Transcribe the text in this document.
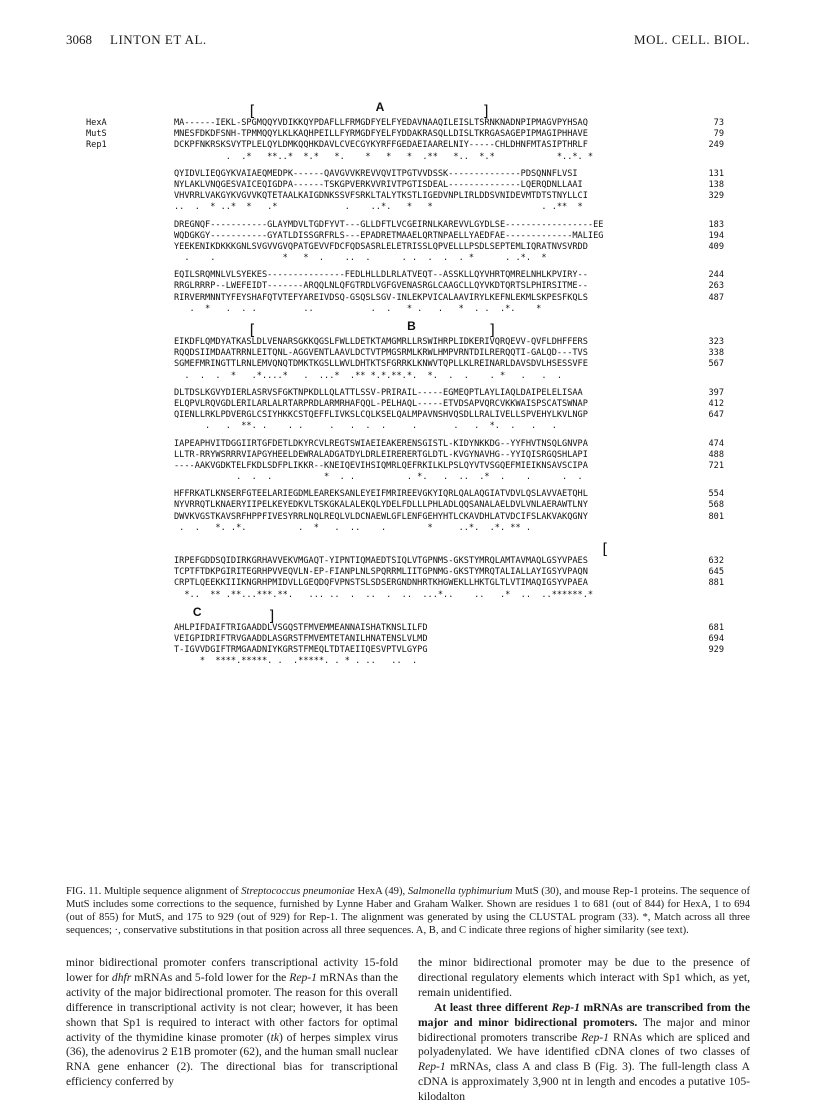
3068 LINTON ET AL.	MOL. CELL. BIOL.
[	A	]
HexA	MA------IEKL-SPGMQQYVDIKKQYPDAFLLFRMGDFYELFYEDAVNAAQILEISLTSRNKNADNPIPMAGVPYHSAQ	73
MutS	MNESFDKDFSNH-TPMMQQYLKLKAQHPEILLFYRMGDFYELFYDDAKRASQLLDISLTKRGASAGEPIPMAGIPHHAVE	79
Rep1	DCKPFNKRSKSVYTPLELQYLDMKQQHKDAVLCVECGYKYRFFGEDAEIAARELNIY-----CHLDHNFMTASIPTHRLF	249
.  .*   **..*  *.*   *.    *   *   *  .**   *..  *.*            *..*. *
QYIDVLIEQGYKVAIAEQMEDPK------QAVGVVKREVVQVITPGTVVDSSK--------------PDSQNNFLVSI	131
NYLAKLVNQGESVAICEQIGDPA------TSKGPVERKVVRIVTPGTISDEAL--------------LQERQDNLLAAI	138
VHVRRLVAKGYKVGVVKQTETAALKAIGDNKSSVFSRKLTALYTKSTLIGEDVNPLIRLDDSVNIDEVMTDTSTNYLLCI	329
..  .  * ..*  *   .*             .    ..*.   *   *                     . .**  *
DREGNQF-----------GLAYMDVLTGDFYVT---GLLDFTLVCGEIRNLKAREVVLGYDLSE-----------------EE	183
WQDGKGY-----------GYATLDISSGRFRLS---EPADRETMAAELQRTNPAELLYAEDFAE-------------MALIEG	194
YEEKENIKDKKKGNLSVGVVGVQPATGEVVFDCFQDSASRLELETRISSLQPVELLLPSDLSEPTEMLIQRATNVSVRDD	409
.    .             *   *  .    ..  .      . .  .  .  . *      . .*.  *
EQILSRQMNLVLSYEKES---------------FEDLHLLDLRLATVEQT--ASSKLLQYVHRTQMRELNHLKPVIRY--	244
RRGLRRRP--LWEFEIDT-------ARQQLNLQFGTRDLVGFGVENASRGLCAAGCLLQYVKDTQRTSLPHIRSITME--	263
RIRVERMNNTYFEYSHAFQTVTEFYAREIVDSQ-GSQSLSGV-INLEKPVICALAAVIRYLKEFNLEKMLSKPESFKQLS	487
.  *   .  . .         ..           .  .   * .   .   *  . .  .*.    *
[	B	]
EIKDFLQMDYATKASLDLVENARSGKKQGSLFWLLDETKTAMGMRLLRSWIHRPLIDKERIVQRQEVV-QVFLDHFFERS	323
RQQDSIIMDAATRRNLEITQNL-AGGVENTLAAVLDCTVTPMGSRMLKRWLHMPVRNTDILRERQQTI-GALQD---TVS	338
SGMEFMRINGTTLRNLEMVQNQTDMKTKGSLLWVLDHTKTSFGRRKLKNWVTQPLLKLREINARLDAVSDVLHSESSVFE	567
.  .  .  *   .*....*   .  ...*  .** *.*.**.*.  *.  .  .    . *   .   .  .
DLTDSLKGVYDIERLASRVSFGKTNPKDLLQLATTLSSV-PRIRAIL-----EGMEQPTLAYLIAQLDAIPELELISAA	397
ELQPVLRQVGDLERILARLALRTARPRDLARMRHAFQQL-PELHAQL-----ETVDSAPVQRCVKKWAISPSCATSWNAP	412
QIENLLRKLPDVERGLCSIYHKKCSTQEFFLIVKSLCQLKSELQALMPAVNSHVQSDLLRALIVELLSPVEHYLKVLNGP	647
.   .  **. .    . .     .   .  .  .     .       .   .  *.  .   .   .
IAPEAPHVITDGGIIRTGFDETLDKYRCVLREGTSWIAEIEAKERENSGISTL-KIDYNKKDG--YYFHVTNSQLGNVPA	474
LLTR-RRYWSRRRVIAPGYHEELDEWRALADGATDYLDRLEIRERERTGLDTL-KVGYNAVHG--YYIQISRGQSHLAPI	488
----AAKVGDKTELFKDLSDFPLIKKR--KNEIQEVIHSIQMRLQEFRKILKLPSLQYVTVSGQEFMIEIKNSAVSCIPA	721
.  .  .          *  . .          . *.   .  ..  .*  .    .      .  .
HFFRKATLKNSERFGTEELARIEGDMLEAREKSANLEYEIFMRIREEVGKYIQRLQALAQGIATVDVLQSLAVVAETQHL	554
NYVRRQTLKNAERYIIPELKEYEDKVLTSKGKALALEKQLYDELFDLLLPHLADLQQSANALAELDVLVNLAERAWTLNY	568
DWVKVGSTKAVSRFHPPFIVESYRRLNQLREQLVLDCNAEWLGFLENFGEHYHTLCKAVDHLATVDCIFSLAKVAKQGNY	801
.  .   *. .*.          .  *   .  ..    .        *     ..*.  .*. ** .
[
IRPEFGDDSQIDIRKGRHAVVEKVMGAQT-YIPNTIQMAEDTSIQLVTGPNMS-GKSTYMRQLAMTAVMAQLGSYVPAES	632
TCPTFTDKPGIRITEGRHPVVEQVLN-EP-FIANPLNLSPQRRMLIITGPNMG-GKSTYMRQTALIALLAYIGSYVPAQN	645
CRPTLQEEKKIIIKNGRHPMIDVLLGEQDQFVPNSTSLSDSERGNDNHRTKHGWEKLLHKTGLTLVTIMAQIGSYVPAEA	881
*..  ** .**...***.**.   ... ..  .  ..  .  ..  ...*..    ..   .*  ..  ..******.*
C	]
AHLPIFDAIFTRIGAADDLVSGQSTFMVEMMEANNAISHATKNSLILFD	681
VEIGPIDRIFTRVGAADDLASGRSTFMVEMTETANILHNATENSLVLMD	694
T-IGVVDGIFTRMGAADNIYKGRSTFMEQLTDTAEIIQESVPTVLGYPG	929
*  ****.*****. .  .*****. . * . ..   ..  .
FIG. 11. Multiple sequence alignment of Streptococcus pneumoniae HexA (49), Salmonella typhimurium MutS (30), and mouse Rep-1 proteins. The sequence of MutS includes some corrections to the sequence, furnished by Lynne Haber and Graham Walker. Shown are residues 1 to 681 (out of 844) for HexA, 1 to 694 (out of 855) for MutS, and 175 to 929 (out of 929) for Rep-1. The alignment was generated by using the CLUSTAL program (33). *, Match across all three sequences; ·, conservative substitutions in that position across all three sequences. A, B, and C indicate three regions of higher similarity (see text).

minor bidirectional promoter confers transcriptional activity 15-fold lower for dhfr mRNAs and 5-fold lower for the Rep-1 mRNAs than the activity of the major bidirectional promoter. The reason for this overall difference in transcriptional activity is not clear; however, it has been shown that Sp1 is required to interact with other factors for optimal activity of the thymidine kinase promoter (tk) of herpes simplex virus (36), the adenovirus 2 E1B promoter (62), and the human small nuclear RNA gene enhancer (2). The directional bias for transcriptional efficiency conferred by

the minor bidirectional promoter may be due to the presence of directional regulatory elements which interact with Sp1 which, as yet, remain unidentified.

At least three different Rep-1 mRNAs are transcribed from the major and minor bidirectional promoters. The major and minor bidirectional promoters transcribe Rep-1 RNAs which are spliced and polyadenylated. We have identified cDNA clones of two classes of Rep-1 mRNAs, class A and class B (Fig. 3). The full-length class A cDNA is approximately 3,900 nt in length and encodes a putative 105-kilodalton
